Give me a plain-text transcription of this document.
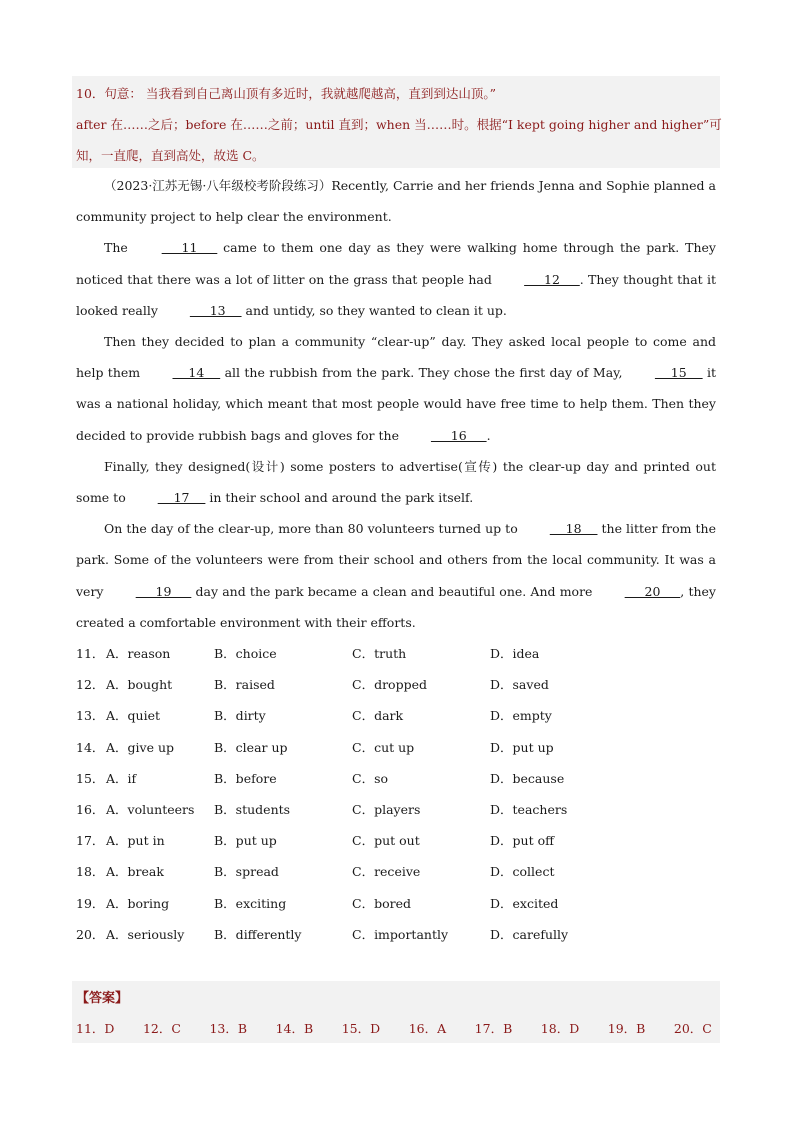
10．句意： 当我看到自己离山顶有多近时，我就越爬越高，直到到达山顶。”

after 在……之后；before 在……之前；until 直到；when 当……时。根据“I kept going higher and higher”可

知，一直爬，直到高处，故选 C。

（2023·江苏无锡·八年级校考阶段练习）Recently, Carrie and her friends Jenna and Sophie planned a community project to help clear the environment.

The      11      came to them one day as they were walking home through the park. They noticed that there was a lot of litter on the grass that people had      12     . They thought that it looked really      13     and untidy, so they wanted to clean it up.

Then they decided to plan a community “clear-up” day. They asked local people to come and help them     14     all the rubbish from the park. They chose the first day of May,     15     it was a national holiday, which meant that most people would have free time to help them. Then they decided to provide rubbish bags and gloves for the      16     .

Finally, they designed(设计) some posters to advertise(宣传) the clear-up day and printed out some to     17     in their school and around the park itself.

On the day of the clear-up, more than 80 volunteers turned up to     18     the litter from the park. Some of the volunteers were from their school and others from the local community. It was a very      19      day and the park became a clean and beautiful one. And more      20     , they created a comfortable environment with their efforts.

11． A．reason	B．choice	C．truth	D．idea
12． A．bought	B．raised	C．dropped	D．saved
13． A．quiet	B．dirty	C．dark	D．empty
14． A．give up	B．clear up	C．cut up	D．put up
15． A．if	B．before	C．so	D．because
16． A．volunteers B．students	C．players	D．teachers
17． A．put in	B．put up	C．put out	D．put off
18． A．break	B．spread	C．receive	D．collect
19． A．boring	B．exciting	C．bored	D．excited
20． A．seriously B．differently	C．importantly	D．carefully
【答案】
11．D 12．C 13．B 14．B 15．D 16．A 17．B 18．D 19．B 20．C
